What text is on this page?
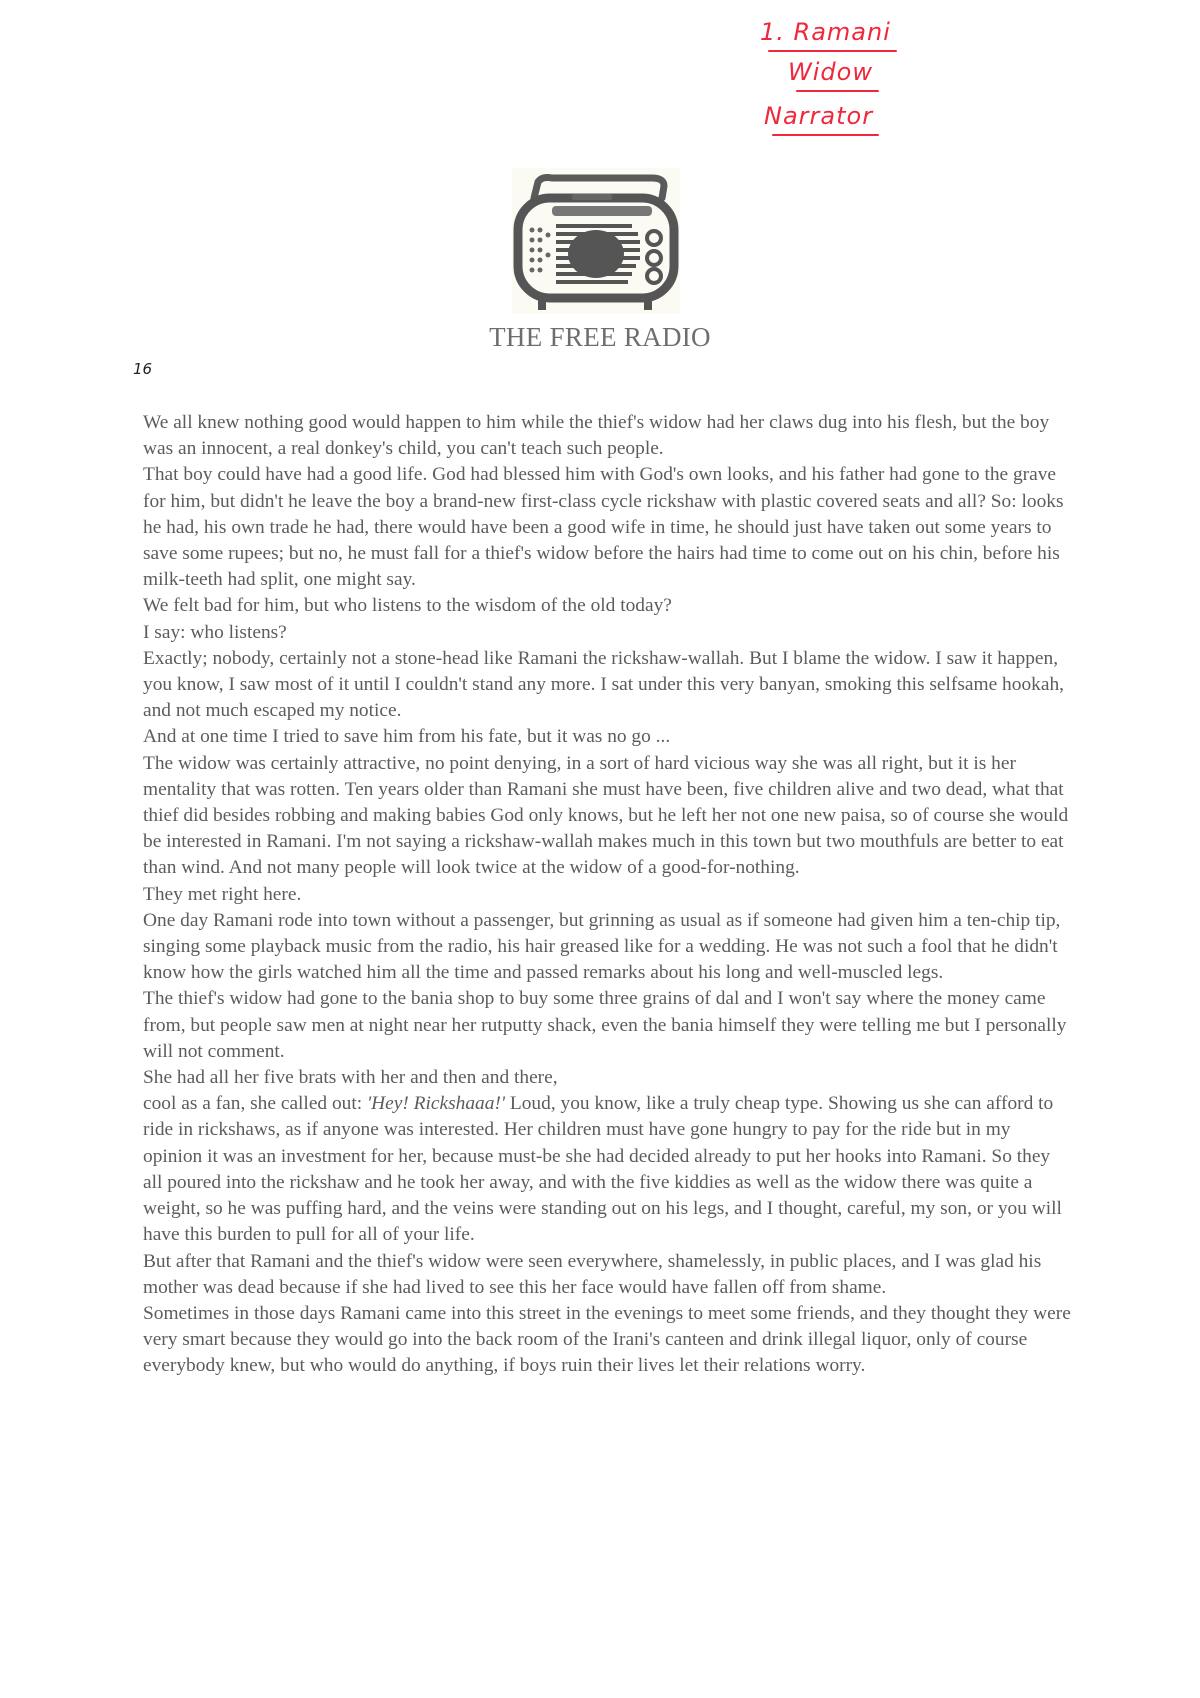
1. Ramani
Widow
Narrator
THE FREE RADIO
16

We all knew nothing good would happen to him while the thief's widow had her claws dug into his flesh, but the boy was an innocent, a real donkey's child, you can't teach such people.

That boy could have had a good life. God had blessed him with God's own looks, and his father had gone to the grave for him, but didn't he leave the boy a brand-new first-class cycle rickshaw with plastic covered seats and all? So: looks he had, his own trade he had, there would have been a good wife in time, he should just have taken out some years to save some rupees; but no, he must fall for a thief's widow before the hairs had time to come out on his chin, before his milk-teeth had split, one might say.

We felt bad for him, but who listens to the wisdom of the old today?

I say: who listens?

Exactly; nobody, certainly not a stone-head like Ramani the rickshaw-wallah. But I blame the widow. I saw it happen, you know, I saw most of it until I couldn't stand any more. I sat under this very banyan, smoking this selfsame hookah, and not much escaped my notice.

And at one time I tried to save him from his fate, but it was no go ...

The widow was certainly attractive, no point denying, in a sort of hard vicious way she was all right, but it is her mentality that was rotten. Ten years older than Ramani she must have been, five children alive and two dead, what that thief did besides robbing and making babies God only knows, but he left her not one new paisa, so of course she would be interested in Ramani. I'm not saying a rickshaw-wallah makes much in this town but two mouthfuls are better to eat than wind. And not many people will look twice at the widow of a good-for-nothing.

They met right here.

One day Ramani rode into town without a passenger, but grinning as usual as if someone had given him a ten-chip tip, singing some playback music from the radio, his hair greased like for a wedding. He was not such a fool that he didn't know how the girls watched him all the time and passed remarks about his long and well-muscled legs.

The thief's widow had gone to the bania shop to buy some three grains of dal and I won't say where the money came from, but people saw men at night near her rutputty shack, even the bania himself they were telling me but I personally will not comment.

She had all her five brats with her and then and there,

cool as a fan, she called out: 'Hey! Rickshaaa!' Loud, you know, like a truly cheap type. Showing us she can afford to ride in rickshaws, as if anyone was interested. Her children must have gone hungry to pay for the ride but in my opinion it was an investment for her, because must-be she had decided already to put her hooks into Ramani. So they all poured into the rickshaw and he took her away, and with the five kiddies as well as the widow there was quite a weight, so he was puffing hard, and the veins were standing out on his legs, and I thought, careful, my son, or you will have this burden to pull for all of your life.

But after that Ramani and the thief's widow were seen everywhere, shamelessly, in public places, and I was glad his mother was dead because if she had lived to see this her face would have fallen off from shame.

Sometimes in those days Ramani came into this street in the evenings to meet some friends, and they thought they were very smart because they would go into the back room of the Irani's canteen and drink illegal liquor, only of course everybody knew, but who would do anything, if boys ruin their lives let their relations worry.
